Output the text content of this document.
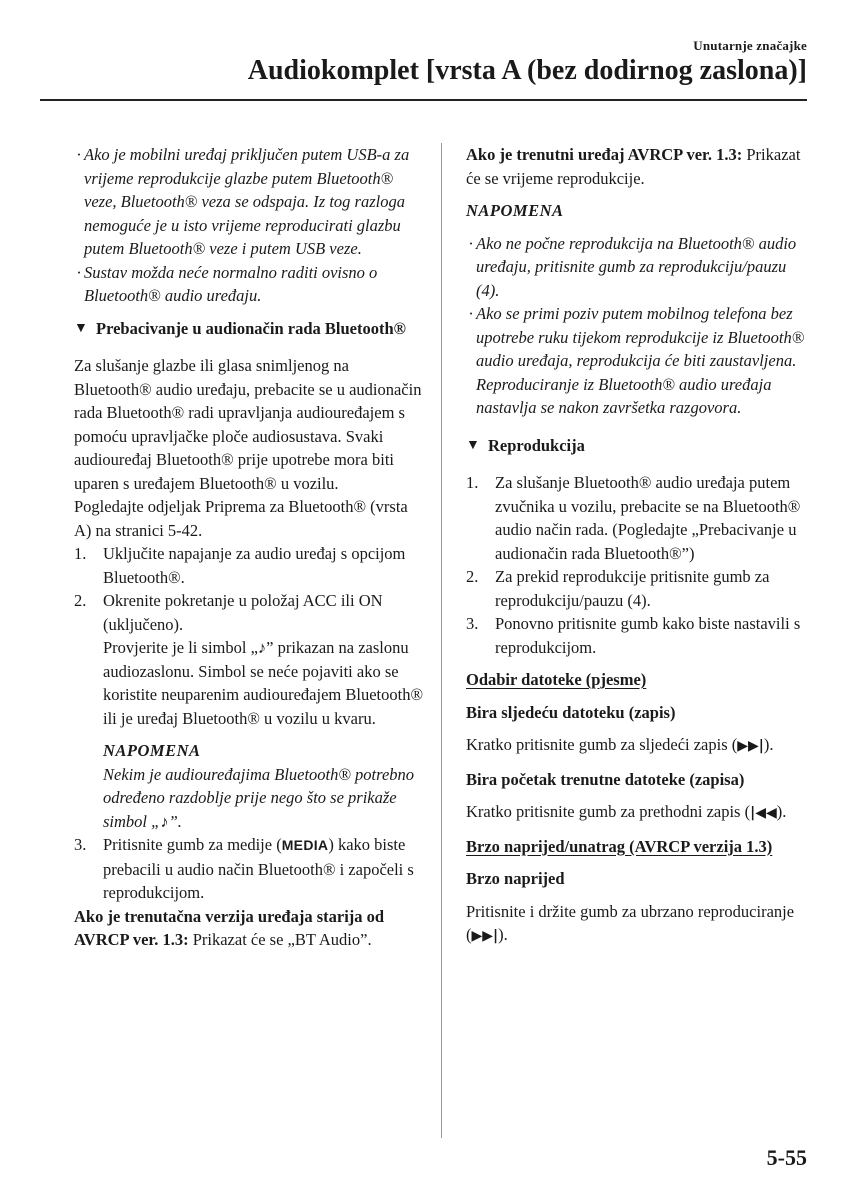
Unutarnje značajke
Audiokomplet [vrsta A (bez dodirnog zaslona)]
· Ako je mobilni uređaj priključen putem USB-a za vrijeme reprodukcije glazbe putem Bluetooth® veze, Bluetooth® veza se odspaja. Iz tog razloga nemoguće je u isto vrijeme reproducirati glazbu putem Bluetooth® veze i putem USB veze.
· Sustav možda neće normalno raditi ovisno o Bluetooth® audio uređaju.
▼ Prebacivanje u audionačin rada Bluetooth®

Za slušanje glazbe ili glasa snimljenog na Bluetooth® audio uređaju, prebacite se u audionačin rada Bluetooth® radi upravljanja audiouređajem s pomoću upravljačke ploče audiosustava. Svaki audiouređaj Bluetooth® prije upotrebe mora biti uparen s uređajem Bluetooth® u vozilu.

Pogledajte odjeljak Priprema za Bluetooth® (vrsta A) na stranici 5-42.

1.	Uključite napajanje za audio uređaj s opcijom Bluetooth®.
2.	Okrenite pokretanje u položaj ACC ili ON (uključeno).

Provjerite je li simbol „♪” prikazan na zaslonu audiozaslonu. Simbol se neće pojaviti ako se koristite neuparenim audiouređajem Bluetooth® ili je uređaj Bluetooth® u vozilu u kvaru.

NAPOMENA

Nekim je audiouređajima Bluetooth® potrebno određeno razdoblje prije nego što se prikaže simbol „♪”.

3.	Pritisnite gumb za medije (MEDIA) kako biste prebacili u audio način Bluetooth® i započeli s reprodukcijom.

Ako je trenutačna verzija uređaja starija od AVRCP ver. 1.3: Prikazat će se „BT Audio”.

Ako je trenutni uređaj AVRCP ver. 1.3: Prikazat će se vrijeme reprodukcije.

NAPOMENA

· Ako ne počne reprodukcija na Bluetooth® audio uređaju, pritisnite gumb za reprodukciju/pauzu (4).
· Ako se primi poziv putem mobilnog telefona bez upotrebe ruku tijekom reprodukcije iz Bluetooth® audio uređaja, reprodukcija će biti zaustavljena. Reproduciranje iz Bluetooth® audio uređaja nastavlja se nakon završetka razgovora.
▼ Reprodukcija
1.	Za slušanje Bluetooth® audio uređaja putem zvučnika u vozilu, prebacite se na Bluetooth® audio način rada. (Pogledajte „Prebacivanje u audionačin rada Bluetooth®”)
2.	Za prekid reprodukcije pritisnite gumb za reprodukciju/pauzu (4).
3.	Ponovno pritisnite gumb kako biste nastavili s reprodukcijom.

Odabir datoteke (pjesme)

Bira sljedeću datoteku (zapis)

Kratko pritisnite gumb za sljedeći zapis (▶▶|).

Bira početak trenutne datoteke (zapisa)

Kratko pritisnite gumb za prethodni zapis (|◀◀).

Brzo naprijed/unatrag (AVRCP verzija 1.3)

Brzo naprijed

Pritisnite i držite gumb za ubrzano reproduciranje (▶▶|).

5-55
